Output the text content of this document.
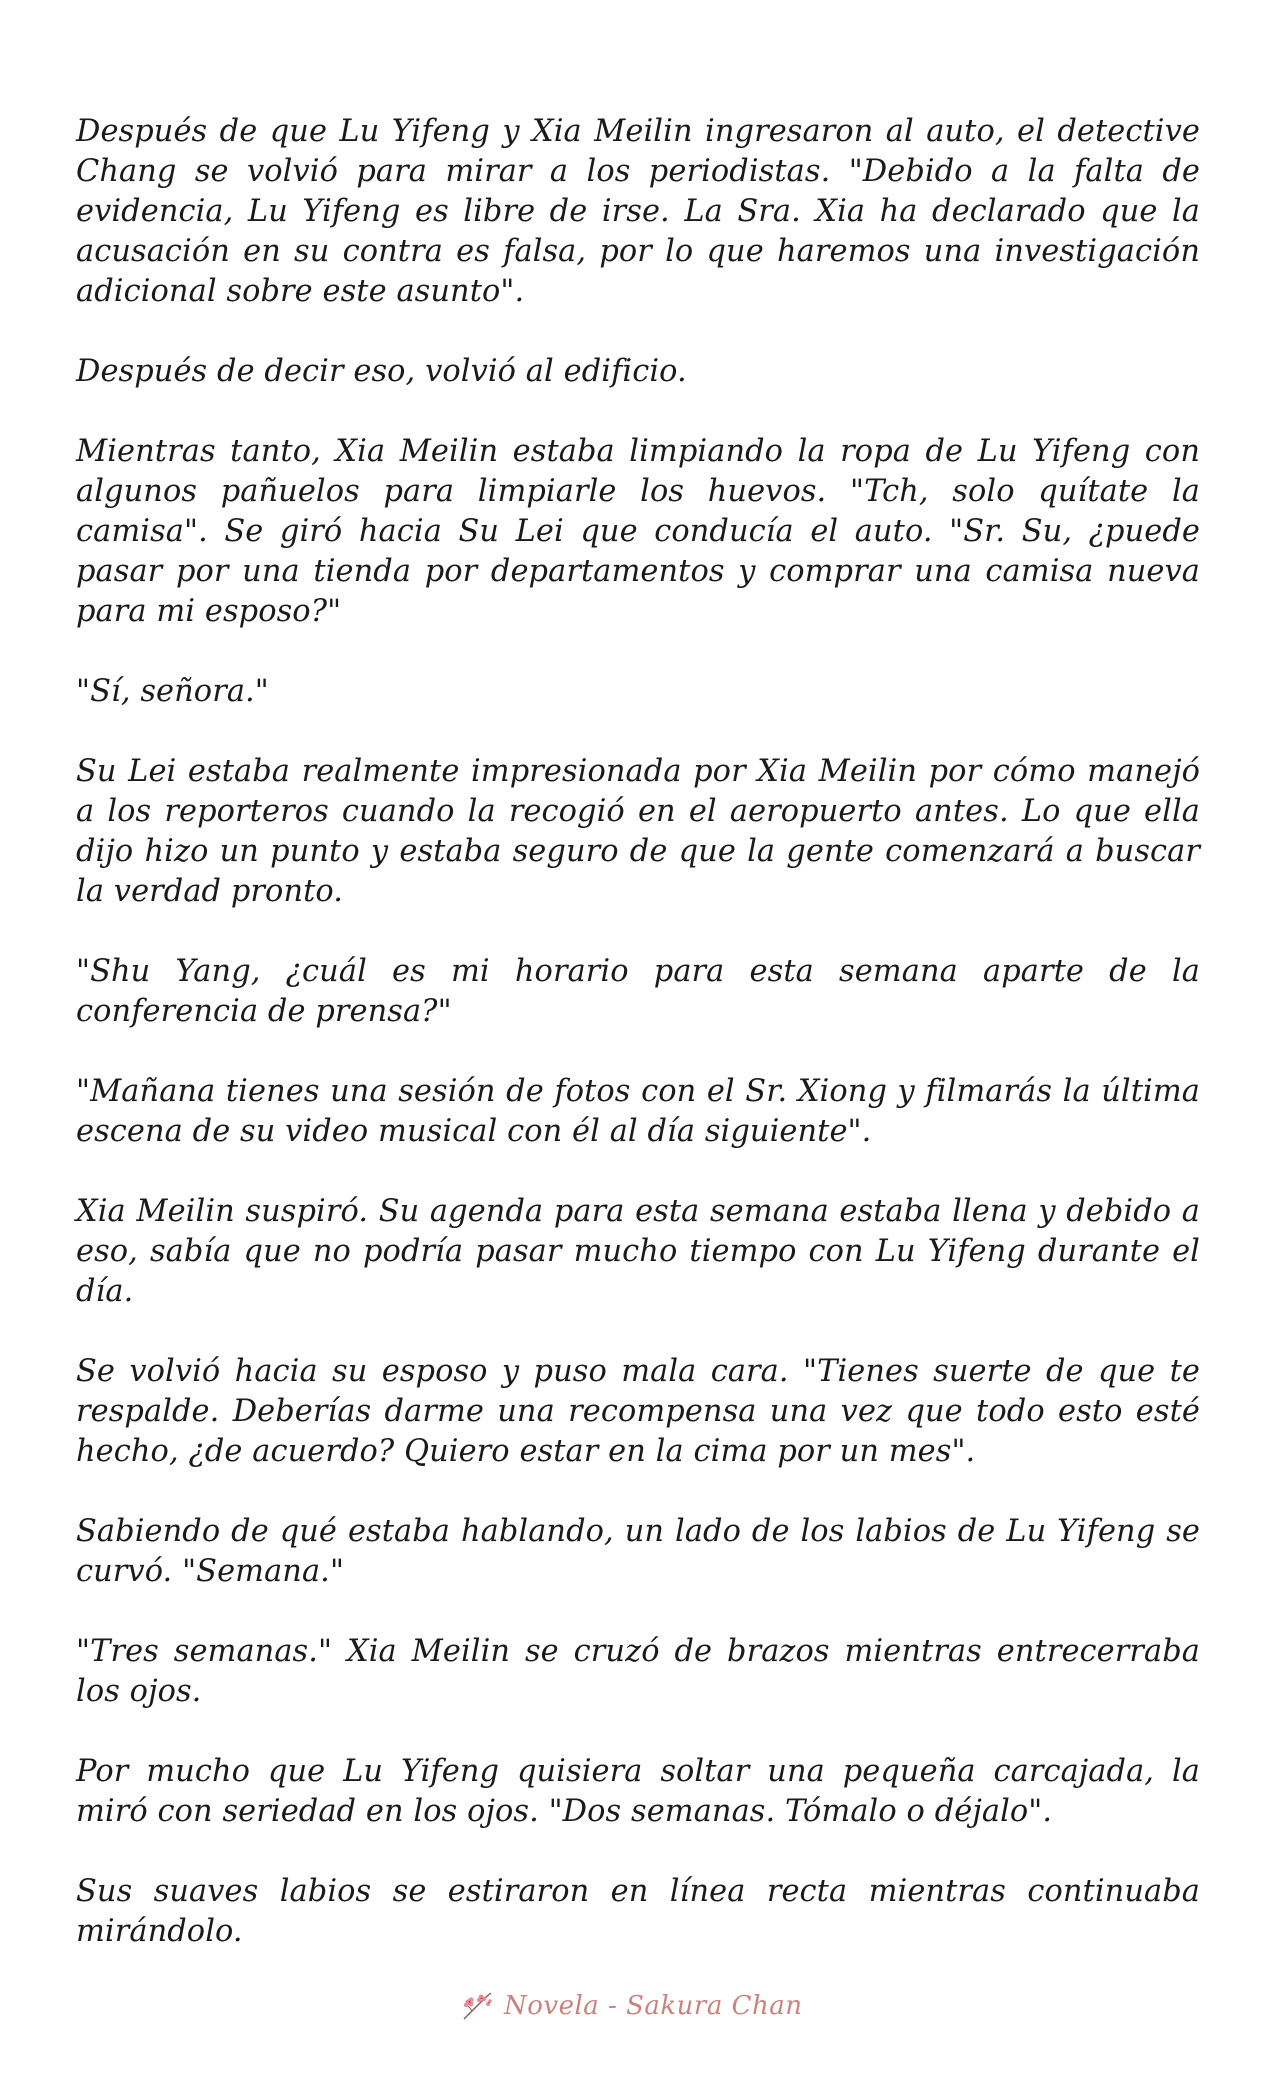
Después de que Lu Yifeng y Xia Meilin ingresaron al auto, el detective Chang se volvió para mirar a los periodistas. "Debido a la falta de evidencia, Lu Yifeng es libre de irse. La Sra. Xia ha declarado que la acusación en su contra es falsa, por lo que haremos una investigación adicional sobre este asunto".

Después de decir eso, volvió al edificio.

Mientras tanto, Xia Meilin estaba limpiando la ropa de Lu Yifeng con algunos pañuelos para limpiarle los huevos. "Tch, solo quítate la camisa". Se giró hacia Su Lei que conducía el auto. "Sr. Su, ¿puede pasar por una tienda por departamentos y comprar una camisa nueva para mi esposo?"

"Sí, señora."

Su Lei estaba realmente impresionada por Xia Meilin por cómo manejó a los reporteros cuando la recogió en el aeropuerto antes. Lo que ella dijo hizo un punto y estaba seguro de que la gente comenzará a buscar la verdad pronto.

"Shu Yang, ¿cuál es mi horario para esta semana aparte de la conferencia de prensa?"

"Mañana tienes una sesión de fotos con el Sr. Xiong y filmarás la última escena de su video musical con él al día siguiente".

Xia Meilin suspiró. Su agenda para esta semana estaba llena y debido a eso, sabía que no podría pasar mucho tiempo con Lu Yifeng durante el día.

Se volvió hacia su esposo y puso mala cara. "Tienes suerte de que te respalde. Deberías darme una recompensa una vez que todo esto esté hecho, ¿de acuerdo? Quiero estar en la cima por un mes".

Sabiendo de qué estaba hablando, un lado de los labios de Lu Yifeng se curvó. "Semana."

"Tres semanas." Xia Meilin se cruzó de brazos mientras entrecerraba los ojos.

Por mucho que Lu Yifeng quisiera soltar una pequeña carcajada, la miró con seriedad en los ojos. "Dos semanas. Tómalo o déjalo".

Sus suaves labios se estiraron en línea recta mientras continuaba mirándolo.

Novela - Sakura Chan
